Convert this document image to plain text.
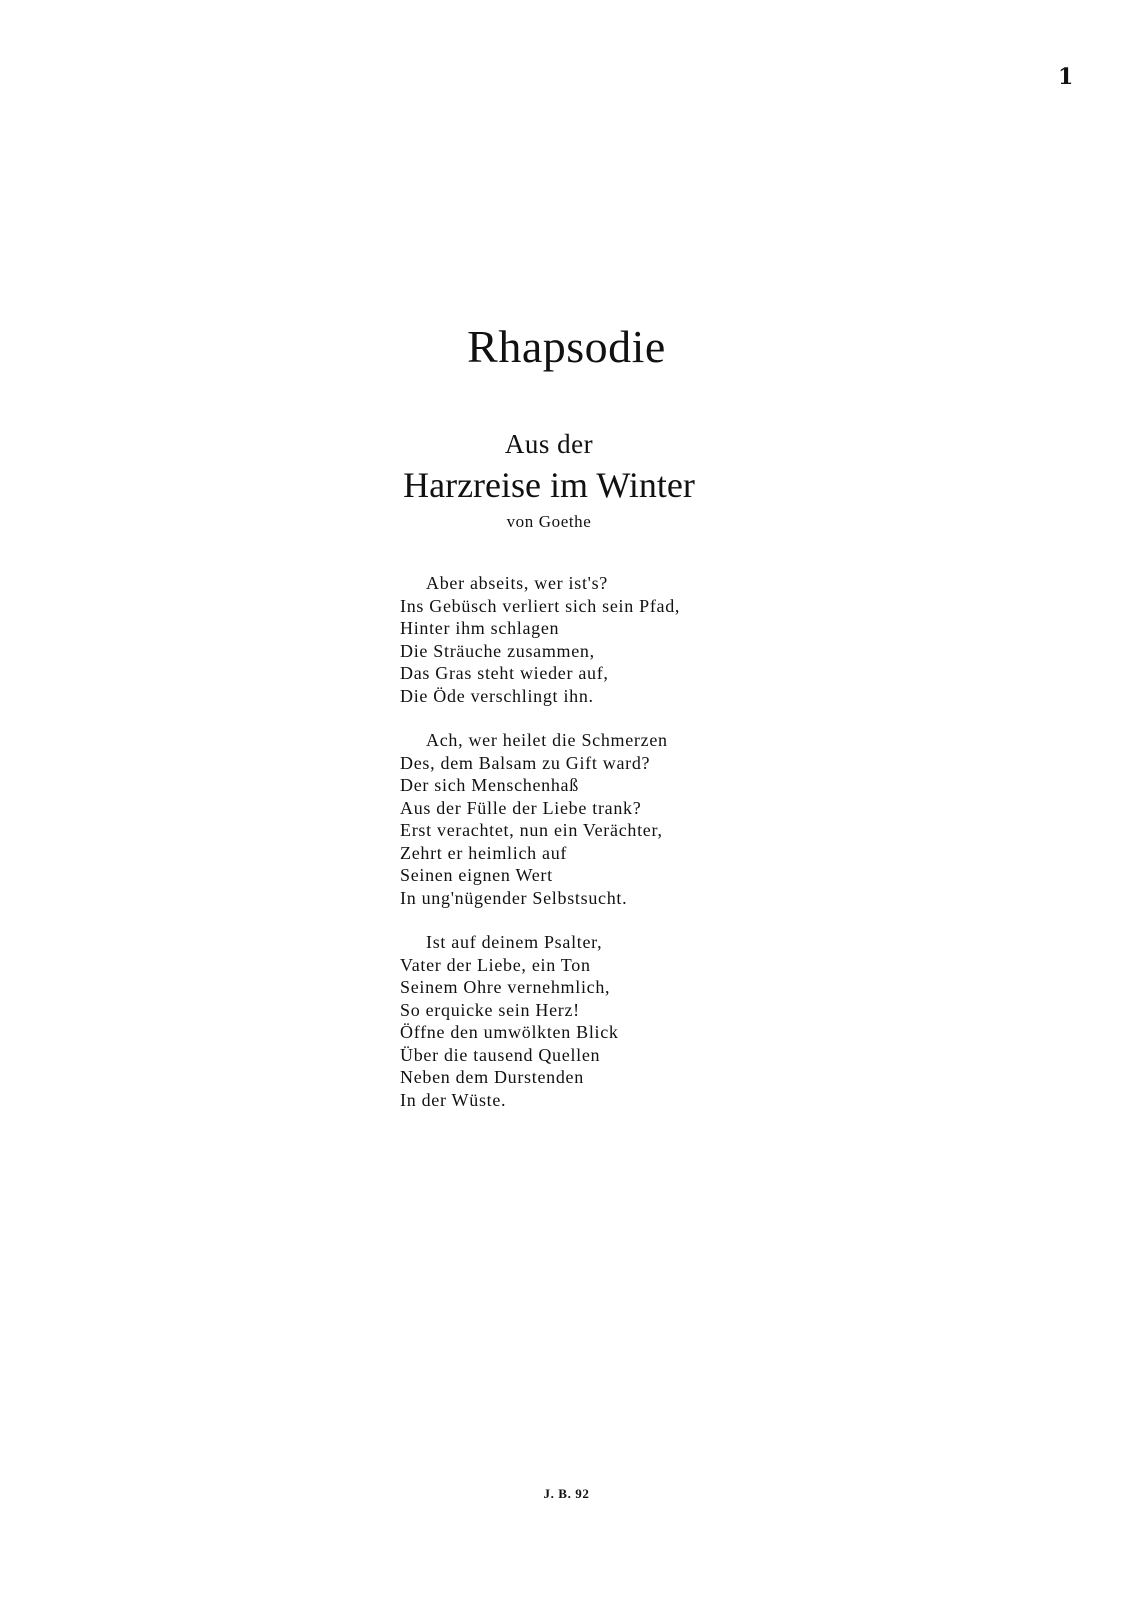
1
Rhapsodie
Aus der
Harzreise im Winter
von Goethe
Aber abseits, wer ist's?
Ins Gebüsch verliert sich sein Pfad,
Hinter ihm schlagen
Die Sträuche zusammen,
Das Gras steht wieder auf,
Die Öde verschlingt ihn.
Ach, wer heilet die Schmerzen
Des, dem Balsam zu Gift ward?
Der sich Menschenhaß
Aus der Fülle der Liebe trank?
Erst verachtet, nun ein Verächter,
Zehrt er heimlich auf
Seinen eignen Wert
In ung'nügender Selbstsucht.
Ist auf deinem Psalter,
Vater der Liebe, ein Ton
Seinem Ohre vernehmlich,
So erquicke sein Herz!
Öffne den umwölkten Blick
Über die tausend Quellen
Neben dem Durstenden
In der Wüste.
J. B. 92
